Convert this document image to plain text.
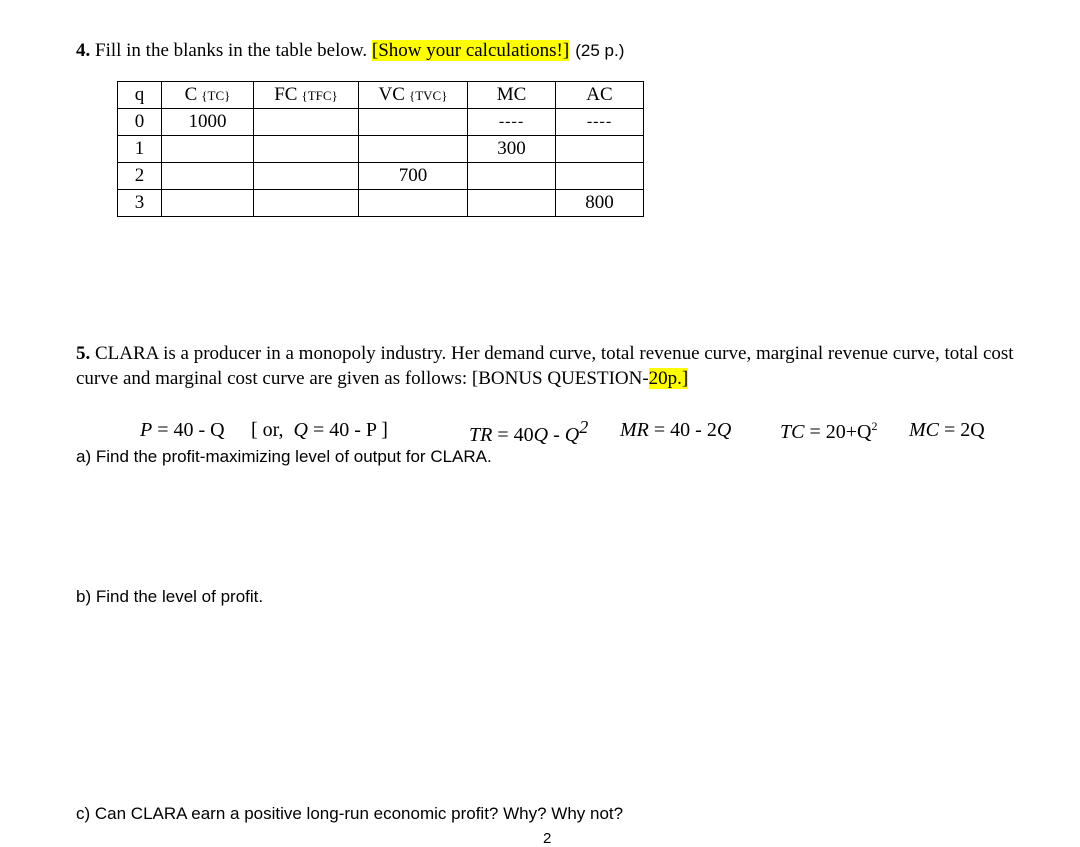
4. Fill in the blanks in the table below. [Show your calculations!] (25 p.)
q	C {TC}	FC {TFC}	VC {TVC}	MC	AC
0	1000			----	----
1				300	
2			700		
3					800
5. CLARA is a producer in a monopoly industry. Her demand curve, total revenue curve, marginal revenue curve, total cost curve and marginal cost curve are given as follows: [BONUS QUESTION-20p.]
P = 40 - Q [ or,  Q = 40 - P ]	TR = 40Q - Q2 MR = 40 - 2Q TC = $20+Q^2$ MC = 2Q
a) Find the profit-maximizing level of output for CLARA.
b) Find the level of profit.
c) Can CLARA earn a positive long-run economic profit? Why? Why not?
2
